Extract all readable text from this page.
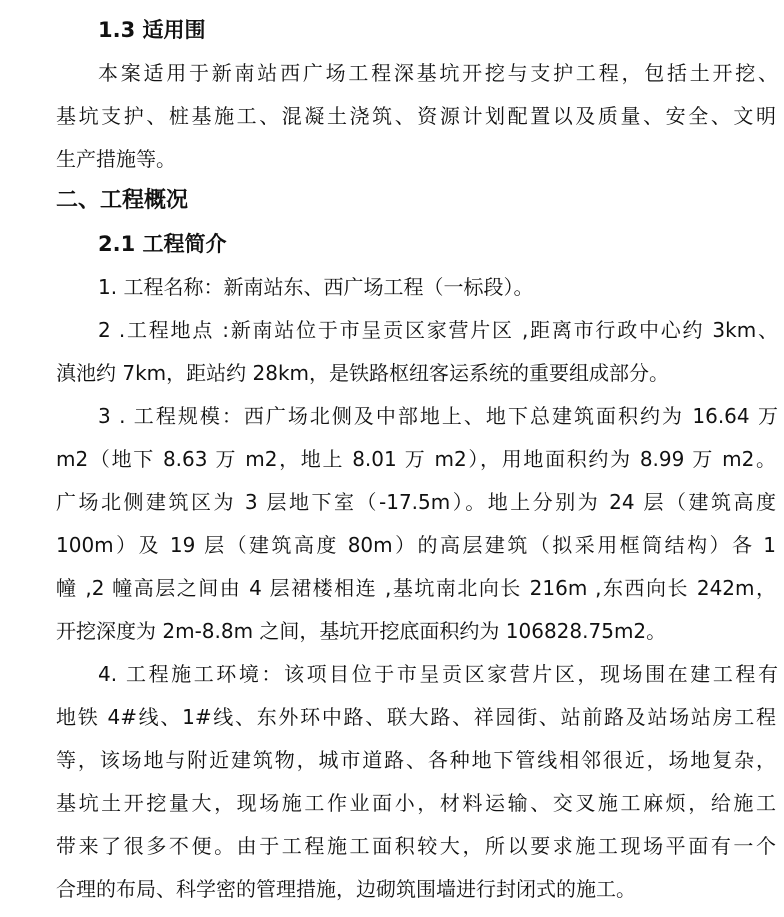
1.3 适用围
本案适用于新南站西广场工程深基坑开挖与支护工程，包括土开挖、
基坑支护、桩基施工、混凝土浇筑、资源计划配置以及质量、安全、文明
生产措施等。
二、工程概况
2.1 工程简介
1. 工程名称：新南站东、西广场工程（一标段）。
2 .工程地点 :新南站位于市呈贡区家营片区 ,距离市行政中心约 3km、
滇池约 7km，距站约 28km，是铁路枢纽客运系统的重要组成部分。
3 . 工程规模：西广场北侧及中部地上、地下总建筑面积约为 16.64 万
m2（地下 8.63 万 m2，地上 8.01 万 m2），用地面积约为 8.99 万 m2。
广场北侧建筑区为 3 层地下室（-17.5m）。地上分别为 24 层（建筑高度
100m）及 19 层（建筑高度 80m）的高层建筑（拟采用框筒结构）各 1
幢 ,2 幢高层之间由 4 层裙楼相连 ,基坑南北向长 216m ,东西向长 242m，
开挖深度为 2m-8.8m 之间，基坑开挖底面积约为 106828.75m2。
4. 工程施工环境：该项目位于市呈贡区家营片区，现场围在建工程有
地铁 4#线、1#线、东外环中路、联大路、祥园街、站前路及站场站房工程
等，该场地与附近建筑物，城市道路、各种地下管线相邻很近，场地复杂，
基坑土开挖量大，现场施工作业面小，材料运输、交叉施工麻烦，给施工
带来了很多不便。由于工程施工面积较大，所以要求施工现场平面有一个
合理的布局、科学密的管理措施，边砌筑围墙进行封闭式的施工。
